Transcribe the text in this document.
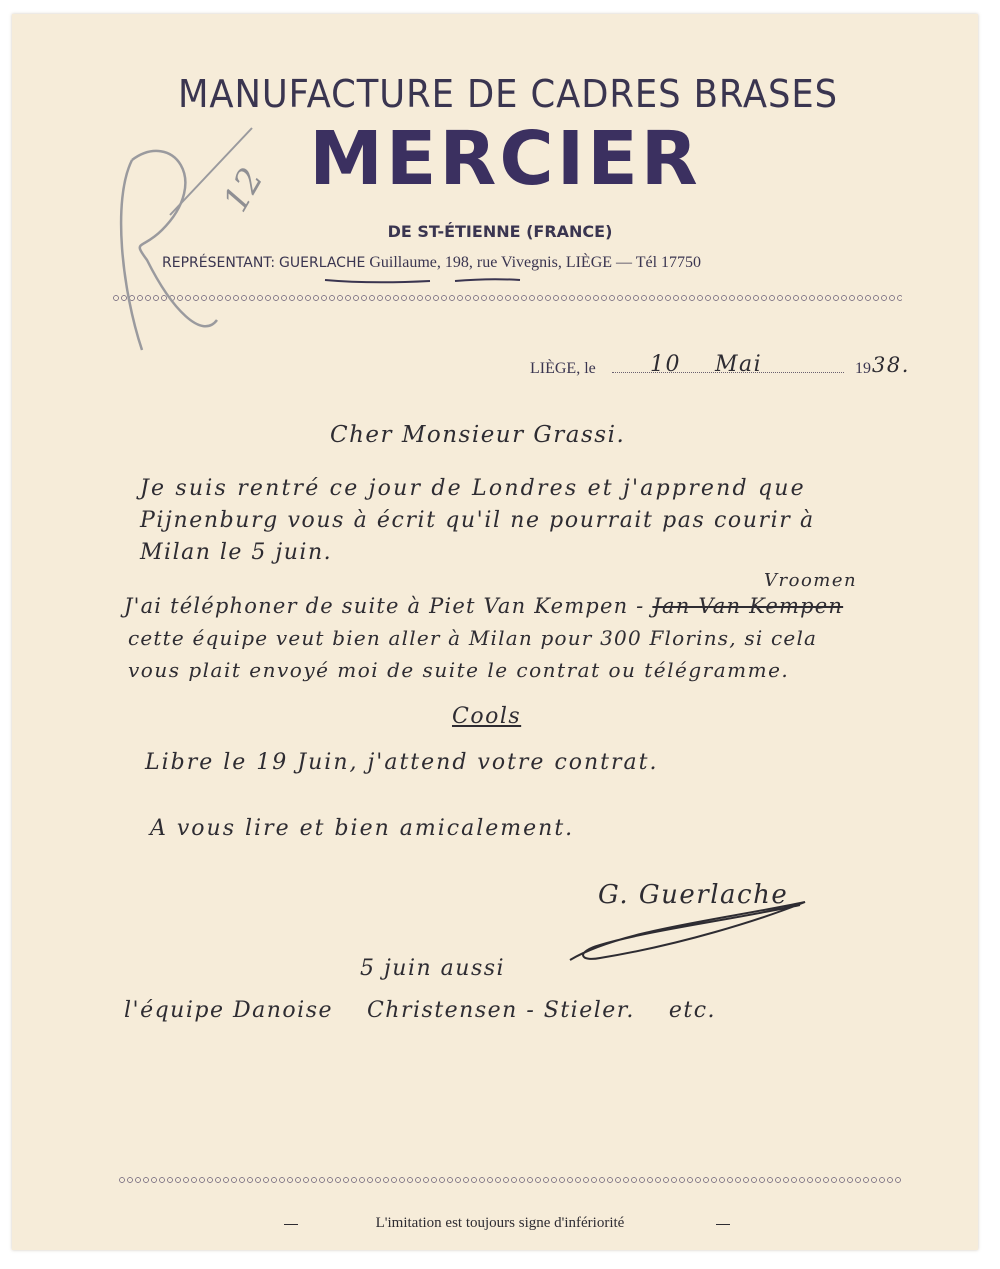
MANUFACTURE DE CADRES BRASES
MERCIER
DE ST-ÉTIENNE (FRANCE)
REPRÉSENTANT: GUERLACHE Guillaume, 198, rue Vivegnis, LIÈGE — Tél 17750
12
LIÈGE, le 10 Mai	19 38.
Cher Monsieur Grassi.
Je suis rentré ce jour de Londres et j'apprend que
Pijnenburg vous à écrit qu'il ne pourrait pas courir à
Milan le 5 juin.
Vroomen
J'ai téléphoner de suite à Piet Van Kempen - Jan Van Kempen
cette équipe veut bien aller à Milan pour 300 Florins, si cela
vous plait envoyé moi de suite le contrat ou télégramme.
Cools
Libre le 19 Juin, j'attend votre contrat.
A vous lire et bien amicalement.
G. Guerlache
5 juin aussi
l'équipe Danoise    Christensen - Stieler.    etc.
L'imitation est toujours signe d'infériorité
